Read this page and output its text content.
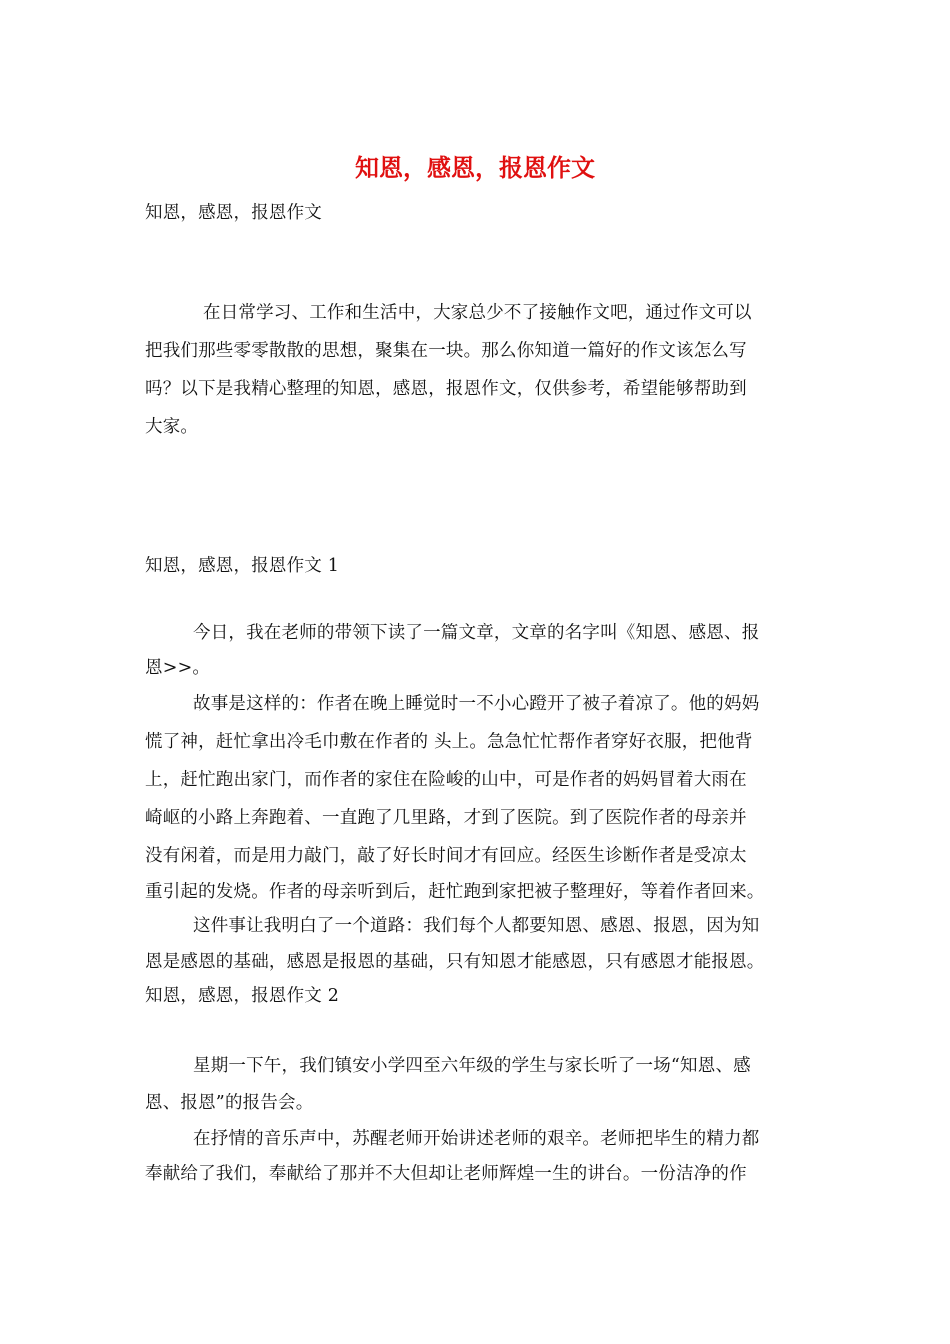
知恩，感恩，报恩作文
知恩，感恩，报恩作文
在日常学习、工作和生活中，大家总少不了接触作文吧，通过作文可以
把我们那些零零散散的思想，聚集在一块。那么你知道一篇好的作文该怎么写
吗？以下是我精心整理的知恩，感恩，报恩作文，仅供参考，希望能够帮助到
大家。
知恩，感恩，报恩作文 1
今日，我在老师的带领下读了一篇文章，文章的名字叫《知恩、感恩、报
恩>>。
故事是这样的：作者在晚上睡觉时一不小心蹬开了被子着凉了。他的妈妈
慌了神，赶忙拿出冷毛巾敷在作者的 头上。急急忙忙帮作者穿好衣服，把他背
上，赶忙跑出家门，而作者的家住在险峻的山中，可是作者的妈妈冒着大雨在
崎岖的小路上奔跑着、一直跑了几里路，才到了医院。到了医院作者的母亲并
没有闲着，而是用力敲门，敲了好长时间才有回应。经医生诊断作者是受凉太
重引起的发烧。作者的母亲听到后，赶忙跑到家把被子整理好，等着作者回来。
这件事让我明白了一个道路：我们每个人都要知恩、感恩、报恩，因为知
恩是感恩的基础，感恩是报恩的基础，只有知恩才能感恩，只有感恩才能报恩。
知恩，感恩，报恩作文 2
星期一下午，我们镇安小学四至六年级的学生与家长听了一场“知恩、感
恩、报恩”的报告会。
在抒情的音乐声中，苏醒老师开始讲述老师的艰辛。老师把毕生的精力都
奉献给了我们，奉献给了那并不大但却让老师辉煌一生的讲台。一份洁净的作
